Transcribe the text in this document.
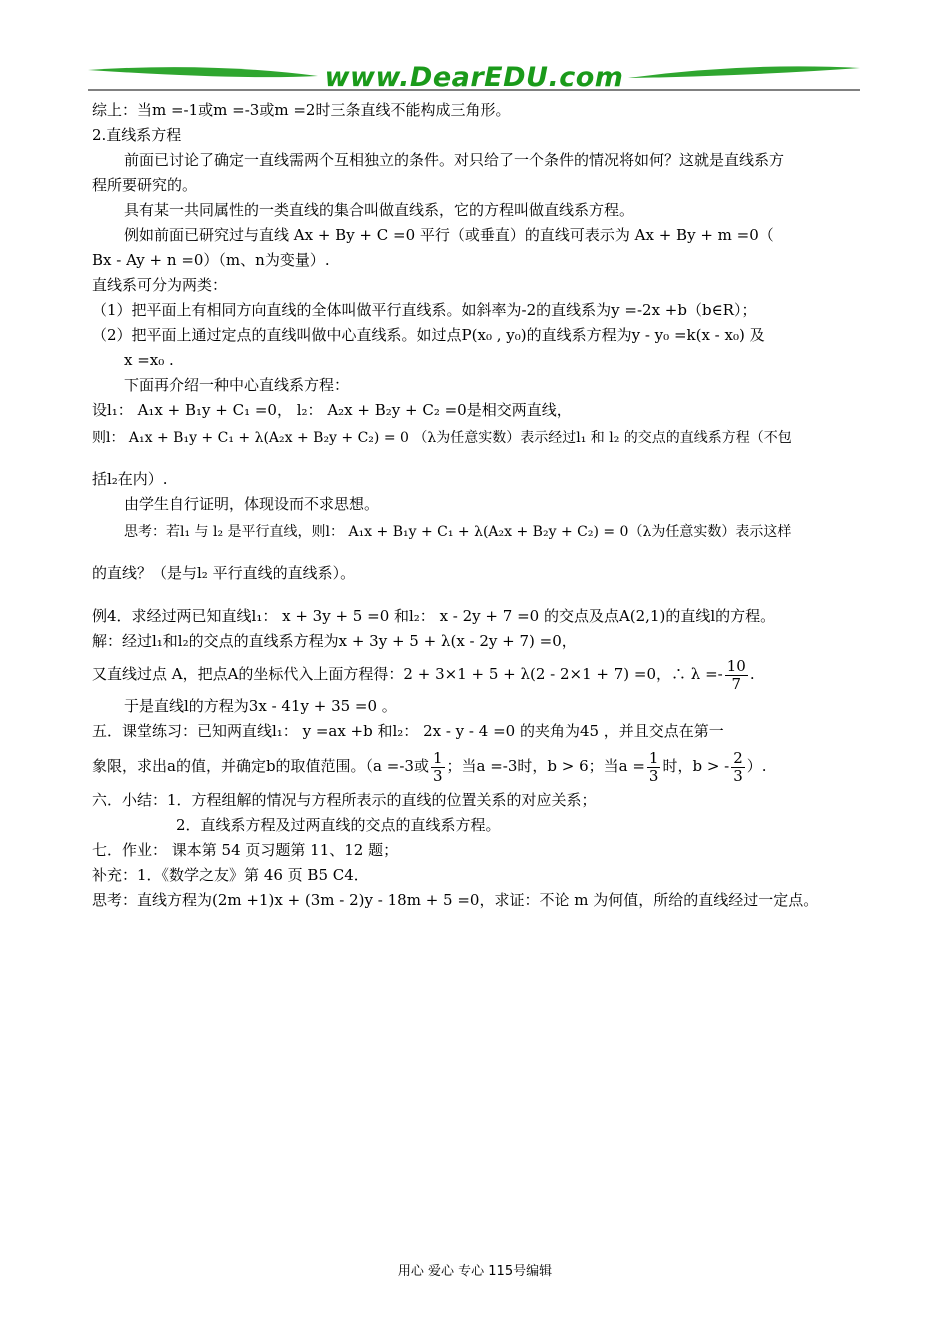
www.DearEDU.com

综上：当m =-1或m =-3或m =2时三条直线不能构成三角形。

2.直线系方程

前面已讨论了确定一直线需两个互相独立的条件。对只给了一个条件的情况将如何？这就是直线系方

程所要研究的。

具有某一共同属性的一类直线的集合叫做直线系，它的方程叫做直线系方程。

例如前面已研究过与直线 Ax + By + C =0 平行（或垂直）的直线可表示为 Ax + By + m =0（

Bx - Ay + n =0）（m、n为变量）.

直线系可分为两类：

（1）把平面上有相同方向直线的全体叫做平行直线系。如斜率为-2的直线系为y =-2x +b（b∈R）；

（2）把平面上通过定点的直线叫做中心直线系。如过点P(x₀ , y₀)的直线系方程为y - y₀ =k(x - x₀) 及

x =x₀ .

下面再介绍一种中心直线系方程：

设l₁： A₁x + B₁y + C₁ =0， l₂： A₂x + B₂y + C₂ =0是相交两直线，

则l： A₁x + B₁y + C₁ + λ(A₂x + B₂y + C₂) = 0 （λ为任意实数）表示经过l₁ 和 l₂ 的交点的直线系方程（不包

括l₂在内）.

由学生自行证明，体现设而不求思想。

思考：若l₁ 与 l₂ 是平行直线，则l： A₁x + B₁y + C₁ + λ(A₂x + B₂y + C₂) = 0（λ为任意实数）表示这样

的直线？（是与l₂ 平行直线的直线系）。

例4．求经过两已知直线l₁： x + 3y + 5 =0 和l₂： x - 2y + 7 =0 的交点及点A(2,1)的直线l的方程。

解：经过l₁和l₂的交点的直线系方程为x + 3y + 5 + λ(x - 2y + 7) =0，

又直线过点 A，把点A的坐标代入上面方程得：2 + 3×1 + 5 + λ(2 - 2×1 + 7) =0，∴ $\lambda =- \frac{10}{7}$ .

于是直线l的方程为3x - 41y + 35 =0 。

五．课堂练习：已知两直线l₁： y =ax +b 和l₂： 2x - y - 4 =0 的夹角为45 ，并且交点在第一

象限，求出a的值，并确定b的取值范围。（a =-3或 $\frac{1}{3}$ ；当a =-3时，b > 6；当$a = \frac{1}{3}$ 时，b > - $\frac{2}{3}$ ）.

六．小结：1．方程组解的情况与方程所表示的直线的位置关系的对应关系；

2．直线系方程及过两直线的交点的直线系方程。

七．作业： 课本第 54 页习题第 11、12 题；

补充：1．《数学之友》第 46 页 B5 C4．

思考：直线方程为(2m +1)x + (3m - 2)y - 18m + 5 =0，求证：不论 m 为何值，所给的直线经过一定点。

用心 爱心 专心 115号编辑
